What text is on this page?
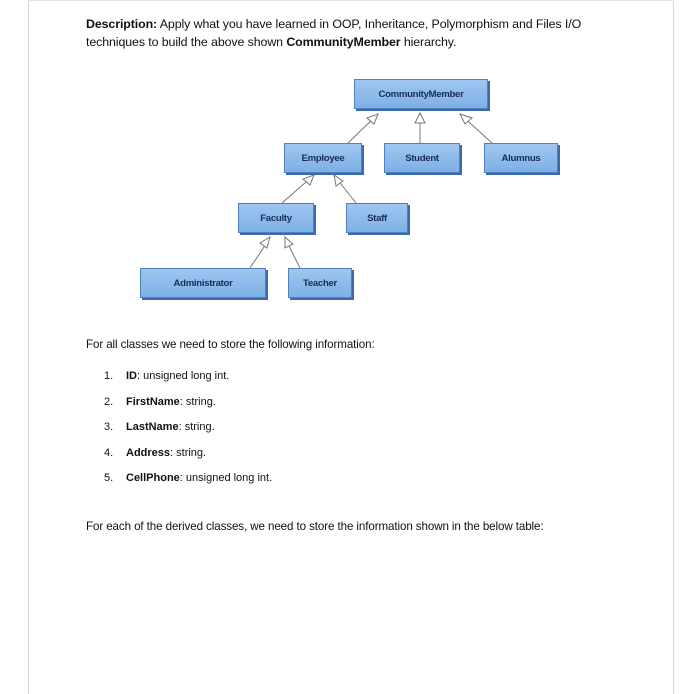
Description: Apply what you have learned in OOP, Inheritance, Polymorphism and Files I/O
techniques to build the above shown CommunityMember hierarchy.
CommunityMember
Employee	Student	Alumnus
Faculty	Staff
Administrator	Teacher
For all classes we need to store the following information:
1. ID: unsigned long int.
2. FirstName: string.
3. LastName: string.
4. Address: string.
5. CellPhone: unsigned long int.
For each of the derived classes, we need to store the information shown in the below table:
